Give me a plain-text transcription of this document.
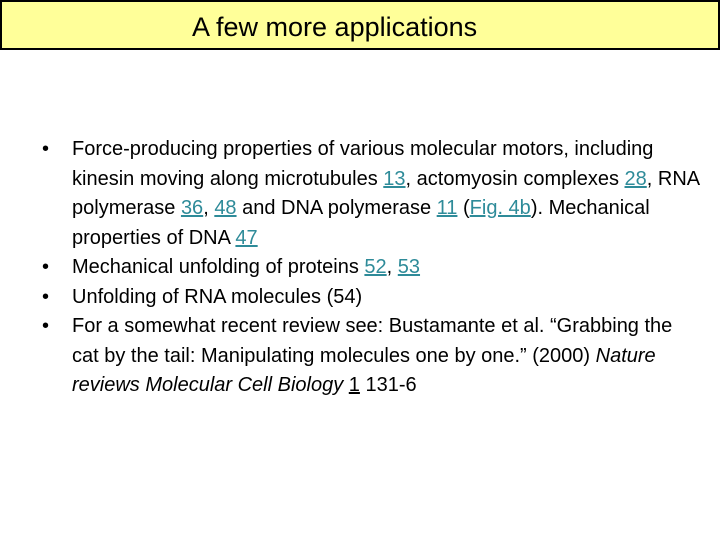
A few more applications
• Force-producing properties of various molecular motors, including kinesin moving along microtubules 13, actomyosin complexes 28, RNA polymerase 36, 48 and DNA polymerase 11 (Fig. 4b). Mechanical properties of DNA 47
• Mechanical unfolding of proteins 52, 53
• Unfolding of RNA molecules (54)
• For a somewhat recent review see: Bustamante et al. “Grabbing the cat by the tail: Manipulating molecules one by one.” (2000) Nature reviews Molecular Cell Biology 1 131-6
